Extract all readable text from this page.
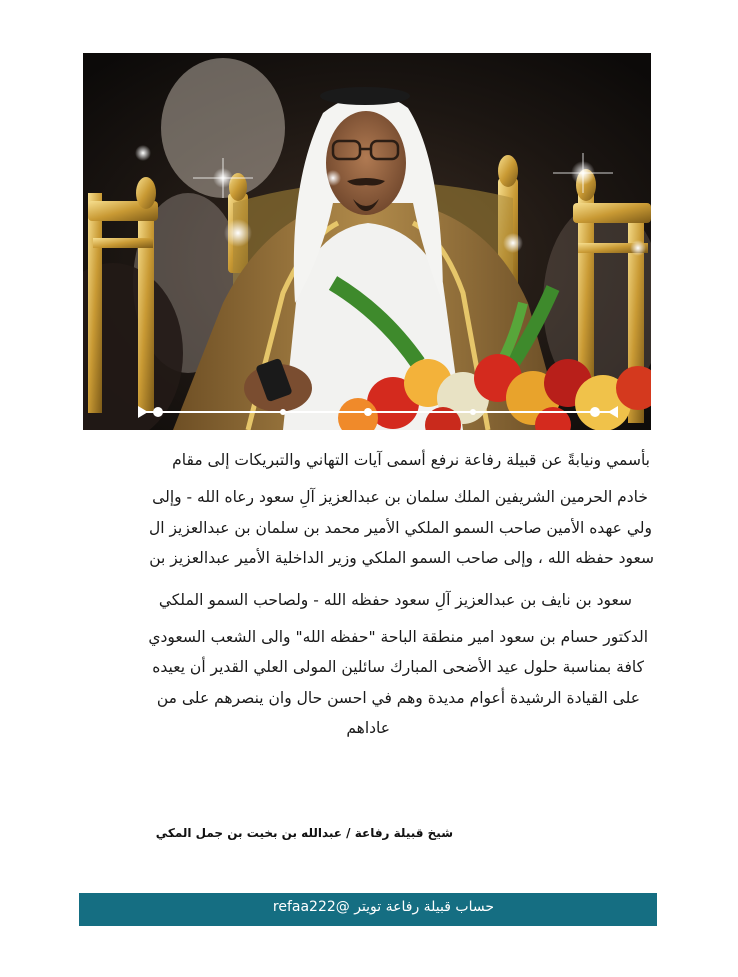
بأسمي ونيابةً عن قبيلة رفاعة نرفع أسمى آيات التهاني والتبريكات إلى مقام
خادم الحرمين الشريفين الملك سلمان بن عبدالعزيز آلِ سعود رعاه الله - وإلى
ولي عهده الأمين صاحب السمو الملكي الأمير محمد بن سلمان بن عبدالعزيز ال
سعود حفظه الله ، وإلى صاحب السمو الملكي وزير الداخلية الأمير عبدالعزيز بن
سعود بن نايف بن عبدالعزيز آلِ سعود حفظه الله - ولصاحب السمو الملكي
الدكتور حسام بن سعود امير منطقة الباحة "حفظه الله" والى الشعب السعودي
كافة بمناسبة حلول عيد الأضحى المبارك سائلين المولى العلي القدير أن يعيده
على القيادة الرشيدة أعوام مديدة وهم في احسن حال وان ينصرهم على من
عاداهم
شيخ قبيلة رفاعة / عبدالله بن بخيت بن جمل المكي
حساب قبيلة رفاعة تويتر @refaa222
